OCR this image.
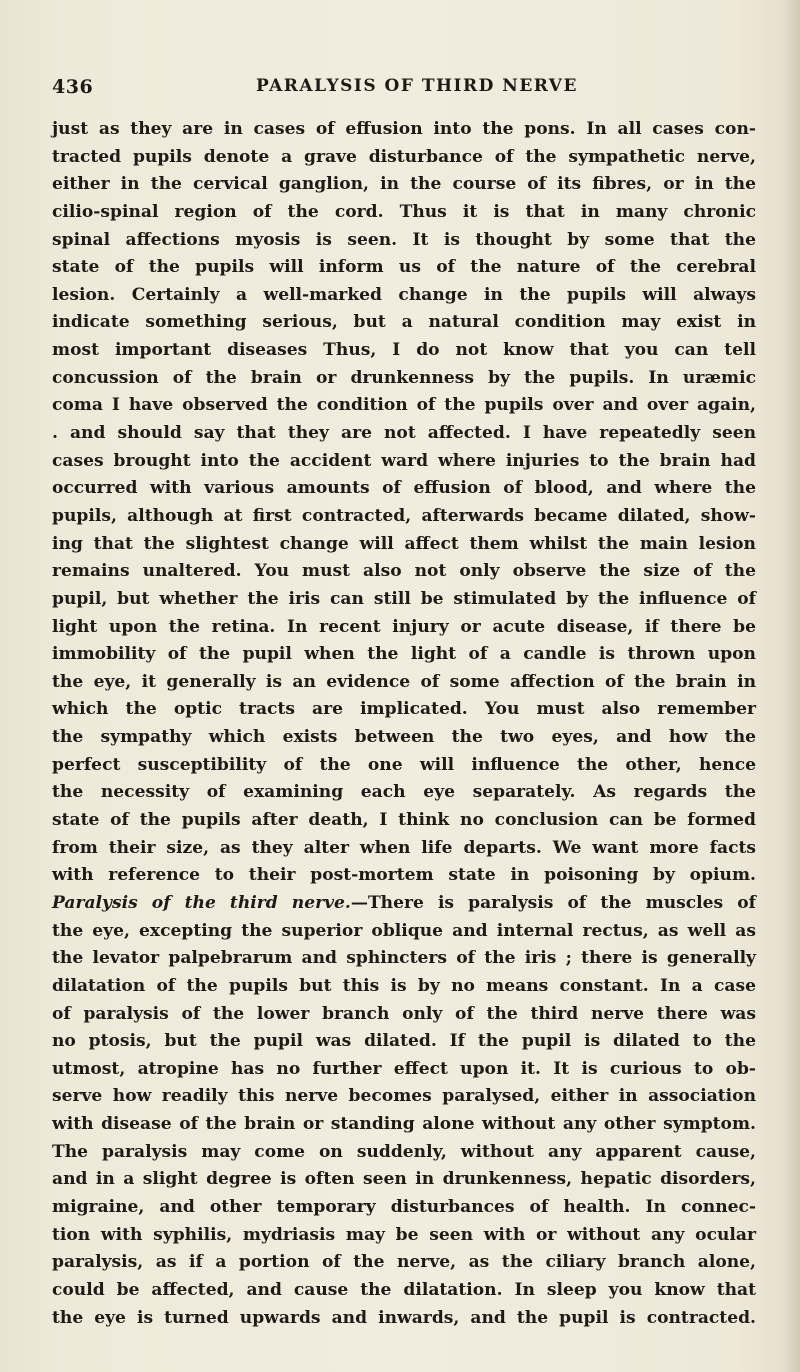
436	PARALYSIS OF THIRD NERVE
just as they are in cases of effusion into the pons. In all cases con-
tracted pupils denote a grave disturbance of the sympathetic nerve,
either in the cervical ganglion, in the course of its fibres, or in the
cilio-spinal region of the cord. Thus it is that in many chronic
spinal affections myosis is seen. It is thought by some that the
state of the pupils will inform us of the nature of the cerebral
lesion. Certainly a well-marked change in the pupils will always
indicate something serious, but a natural condition may exist in
most important diseases Thus, I do not know that you can tell
concussion of the brain or drunkenness by the pupils. In uræmic
coma I have observed the condition of the pupils over and over again,
. and should say that they are not affected. I have repeatedly seen
cases brought into the accident ward where injuries to the brain had
occurred with various amounts of effusion of blood, and where the
pupils, although at first contracted, afterwards became dilated, show-
ing that the slightest change will affect them whilst the main lesion
remains unaltered. You must also not only observe the size of the
pupil, but whether the iris can still be stimulated by the influence of
light upon the retina. In recent injury or acute disease, if there be
immobility of the pupil when the light of a candle is thrown upon
the eye, it generally is an evidence of some affection of the brain in
which the optic tracts are implicated. You must also remember
the sympathy which exists between the two eyes, and how the
perfect susceptibility of the one will influence the other, hence
the necessity of examining each eye separately. As regards the
state of the pupils after death, I think no conclusion can be formed
from their size, as they alter when life departs. We want more facts
with reference to their post-mortem state in poisoning by opium.
Paralysis of the third nerve.—There is paralysis of the muscles of
the eye, excepting the superior oblique and internal rectus, as well as
the levator palpebrarum and sphincters of the iris ; there is generally
dilatation of the pupils but this is by no means constant. In a case
of paralysis of the lower branch only of the third nerve there was
no ptosis, but the pupil was dilated. If the pupil is dilated to the
utmost, atropine has no further effect upon it. It is curious to ob-
serve how readily this nerve becomes paralysed, either in association
with disease of the brain or standing alone without any other symptom.
The paralysis may come on suddenly, without any apparent cause,
and in a slight degree is often seen in drunkenness, hepatic disorders,
migraine, and other temporary disturbances of health. In connec-
tion with syphilis, mydriasis may be seen with or without any ocular
paralysis, as if a portion of the nerve, as the ciliary branch alone,
could be affected, and cause the dilatation. In sleep you know that
the eye is turned upwards and inwards, and the pupil is contracted.
